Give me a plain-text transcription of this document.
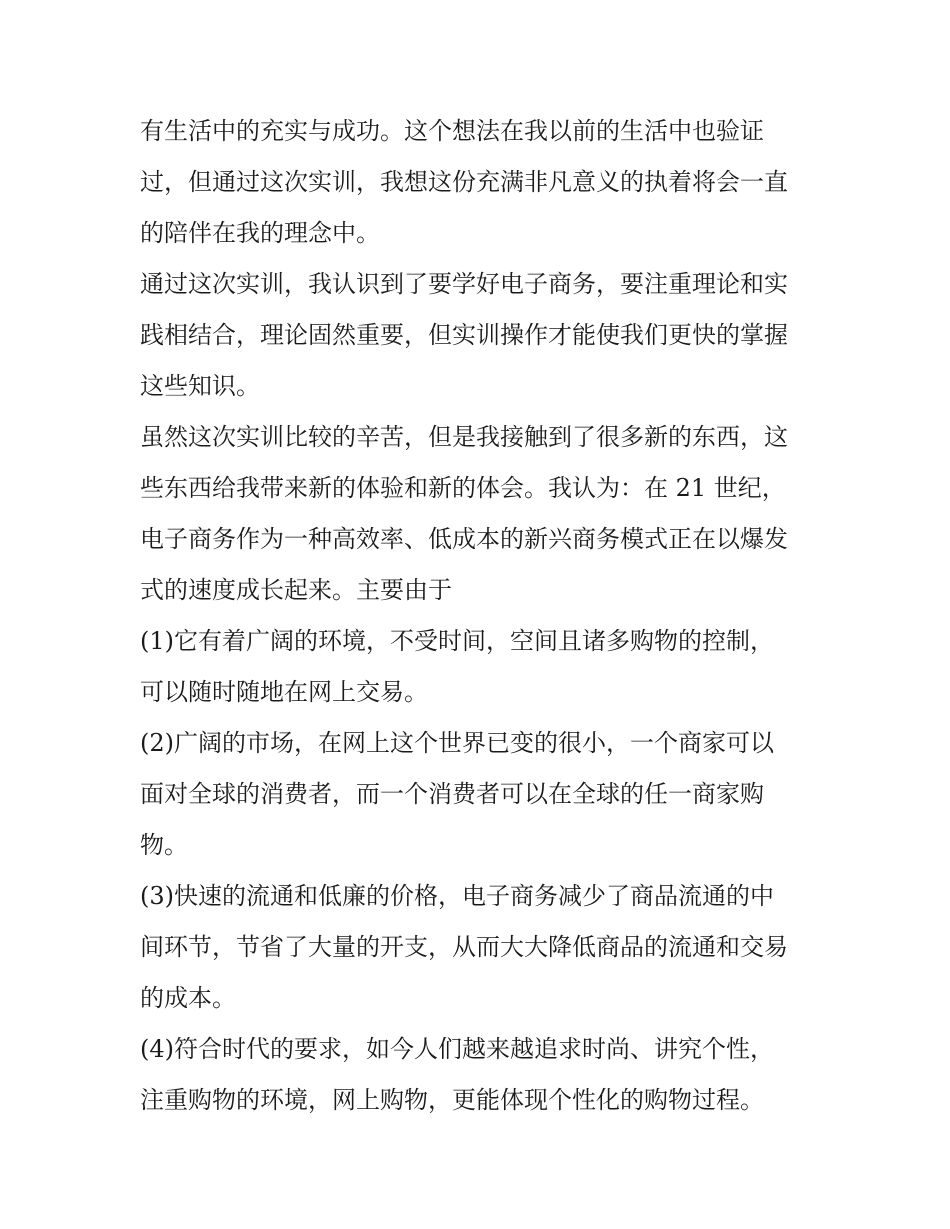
有生活中的充实与成功。这个想法在我以前的生活中也验证
过，但通过这次实训，我想这份充满非凡意义的执着将会一直
的陪伴在我的理念中。
通过这次实训，我认识到了要学好电子商务，要注重理论和实
践相结合，理论固然重要，但实训操作才能使我们更快的掌握
这些知识。
虽然这次实训比较的辛苦，但是我接触到了很多新的东西，这
些东西给我带来新的体验和新的体会。我认为：在 21 世纪，
电子商务作为一种高效率、低成本的新兴商务模式正在以爆发
式的速度成长起来。主要由于
(1)它有着广阔的环境，不受时间，空间且诸多购物的控制，
可以随时随地在网上交易。
(2)广阔的市场，在网上这个世界已变的很小，一个商家可以
面对全球的消费者，而一个消费者可以在全球的任一商家购
物。
(3)快速的流通和低廉的价格，电子商务减少了商品流通的中
间环节，节省了大量的开支，从而大大降低商品的流通和交易
的成本。
(4)符合时代的要求，如今人们越来越追求时尚、讲究个性，
注重购物的环境，网上购物，更能体现个性化的购物过程。
